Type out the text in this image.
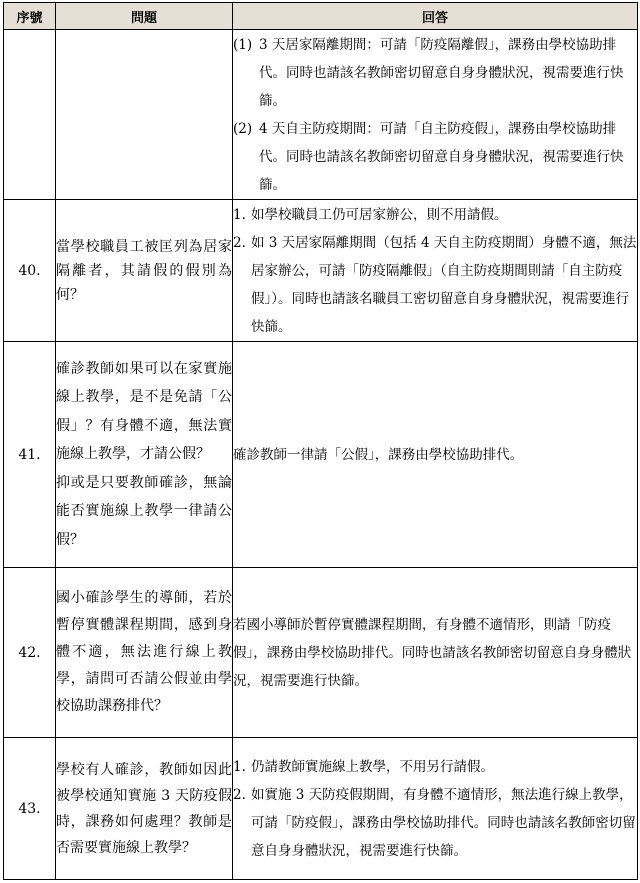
序號	問題	回答

		(1) 3 天居家隔離期間：可請「防疫隔離假」，課務由學校協助排代。同時也請該名教師密切留意自身身體狀況，視需要進行快篩。
(2) 4 天自主防疫期間：可請「自主防疫假」，課務由學校協助排代。同時也請該名教師密切留意自身身體狀況，視需要進行快篩。

40.	當學校職員工被匡列為居家隔離者，其請假的假別為何？	1. 如學校職員工仍可居家辦公，則不用請假。
2. 如 3 天居家隔離期間（包括 4 天自主防疫期間）身體不適，無法居家辦公，可請「防疫隔離假」（自主防疫期間則請「自主防疫假」）。同時也請該名職員工密切留意自身身體狀況，視需要進行快篩。

41.	確診教師如果可以在家實施線上教學，是不是免請「公假」？有身體不適，無法實施線上教學，才請公假？
抑或是只要教師確診，無論能否實施線上教學一律請公假？	確診教師一律請「公假」，課務由學校協助排代。

42.	國小確診學生的導師，若於暫停實體課程期間，感到身體不適，無法進行線上教學，請問可否請公假並由學校協助課務排代？	若國小導師於暫停實體課程期間，有身體不適情形，則請「防疫假」，課務由學校協助排代。同時也請該名教師密切留意自身身體狀況，視需要進行快篩。

43.	學校有人確診，教師如因此被學校通知實施 3 天防疫假時，課務如何處理？教師是否需要實施線上教學？	1. 仍請教師實施線上教學，不用另行請假。
2. 如實施 3 天防疫假期間，有身體不適情形，無法進行線上教學，可請「防疫假」，課務由學校協助排代。同時也請該名教師密切留意自身身體狀況，視需要進行快篩。
